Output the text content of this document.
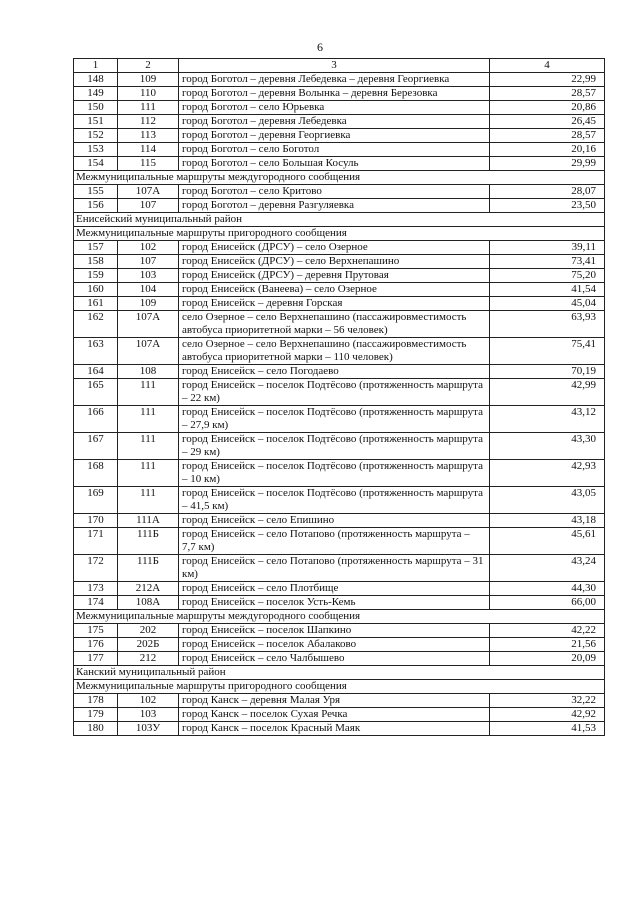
6
1	2	3	4
148	109	город Боготол – деревня Лебедевка – деревня Георгиевка	22,99
149	110	город Боготол – деревня Волынка – деревня Березовка	28,57
150	111	город Боготол – село Юрьевка	20,86
151	112	город Боготол – деревня Лебедевка	26,45
152	113	город Боготол – деревня Георгиевка	28,57
153	114	город Боготол – село Боготол	20,16
154	115	город Боготол – село Большая Косуль	29,99
Межмуниципальные маршруты междугородного сообщения			
155	107А	город Боготол – село Критово	28,07
156	107	город Боготол – деревня Разгуляевка	23,50
Енисейский муниципальный район			
Межмуниципальные маршруты пригородного сообщения			
157	102	город Енисейск (ДРСУ) – село Озерное	39,11
158	107	город Енисейск (ДРСУ) – село Верхнепашино	73,41
159	103	город Енисейск (ДРСУ) – деревня Прутовая	75,20
160	104	город Енисейск (Ванеева) – село Озерное	41,54
161	109	город Енисейск – деревня Горская	45,04
162	107А	село Озерное – село Верхнепашино (пассажировместимость автобуса приоритетной марки – 56 человек)	63,93
163	107А	село Озерное – село Верхнепашино (пассажировместимость автобуса приоритетной марки – 110 человек)	75,41
164	108	город Енисейск – село Погодаево	70,19
165	111	город Енисейск – поселок Подтёсово (протяженность маршрута – 22 км)	42,99
166	111	город Енисейск – поселок Подтёсово (протяженность маршрута – 27,9 км)	43,12
167	111	город Енисейск – поселок Подтёсово (протяженность маршрута – 29 км)	43,30
168	111	город Енисейск – поселок Подтёсово (протяженность маршрута – 10 км)	42,93
169	111	город Енисейск – поселок Подтёсово (протяженность маршрута – 41,5 км)	43,05
170	111А	город Енисейск – село Епишино	43,18
171	111Б	город Енисейск – село Потапово (протяженность маршрута – 7,7 км)	45,61
172	111Б	город Енисейск – село Потапово (протяженность маршрута – 31 км)	43,24
173	212А	город Енисейск – село Плотбище	44,30
174	108А	город Енисейск – поселок Усть-Кемь	66,00
Межмуниципальные маршруты междугородного сообщения			
175	202	город Енисейск – поселок Шапкино	42,22
176	202Б	город Енисейск – поселок Абалаково	21,56
177	212	город Енисейск – село Чалбышево	20,09
Канский муниципальный район			
Межмуниципальные маршруты пригородного сообщения			
178	102	город Канск – деревня Малая Уря	32,22
179	103	город Канск – поселок Сухая Речка	42,92
180	103У	город Канск – поселок Красный Маяк	41,53
